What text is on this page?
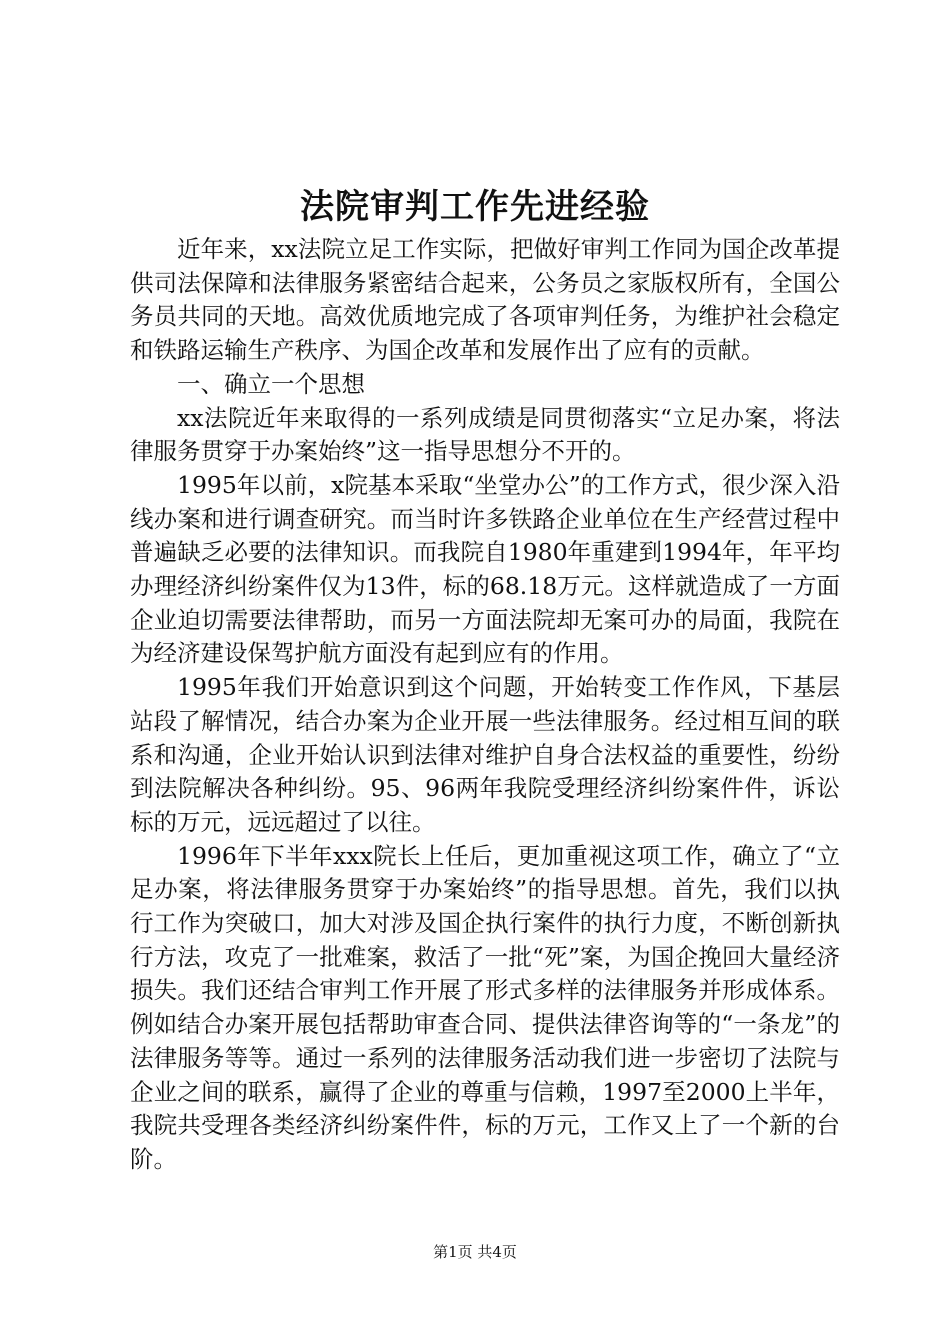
法院审判工作先进经验

近年来，xx法院立足工作实际，把做好审判工作同为国企改革提供司法保障和法律服务紧密结合起来，公务员之家版权所有，全国公务员共同的天地。高效优质地完成了各项审判任务，为维护社会稳定和铁路运输生产秩序、为国企改革和发展作出了应有的贡献。

一、确立一个思想

xx法院近年来取得的一系列成绩是同贯彻落实“立足办案，将法律服务贯穿于办案始终”这一指导思想分不开的。

1995年以前，x院基本采取“坐堂办公”的工作方式，很少深入沿线办案和进行调查研究。而当时许多铁路企业单位在生产经营过程中普遍缺乏必要的法律知识。而我院自1980年重建到1994年，年平均办理经济纠纷案件仅为13件，标的68.18万元。这样就造成了一方面企业迫切需要法律帮助，而另一方面法院却无案可办的局面，我院在为经济建设保驾护航方面没有起到应有的作用。

1995年我们开始意识到这个问题，开始转变工作作风，下基层站段了解情况，结合办案为企业开展一些法律服务。经过相互间的联系和沟通，企业开始认识到法律对维护自身合法权益的重要性，纷纷到法院解决各种纠纷。95、96两年我院受理经济纠纷案件件，诉讼标的万元，远远超过了以往。

1996年下半年xxx院长上任后，更加重视这项工作，确立了“立足办案，将法律服务贯穿于办案始终”的指导思想。首先，我们以执行工作为突破口，加大对涉及国企执行案件的执行力度，不断创新执行方法，攻克了一批难案，救活了一批“死”案，为国企挽回大量经济损失。我们还结合审判工作开展了形式多样的法律服务并形成体系。例如结合办案开展包括帮助审查合同、提供法律咨询等的“一条龙”的法律服务等等。通过一系列的法律服务活动我们进一步密切了法院与企业之间的联系，赢得了企业的尊重与信赖，1997至2000上半年，我院共受理各类经济纠纷案件件，标的万元，工作又上了一个新的台阶。

第1页 共4页
